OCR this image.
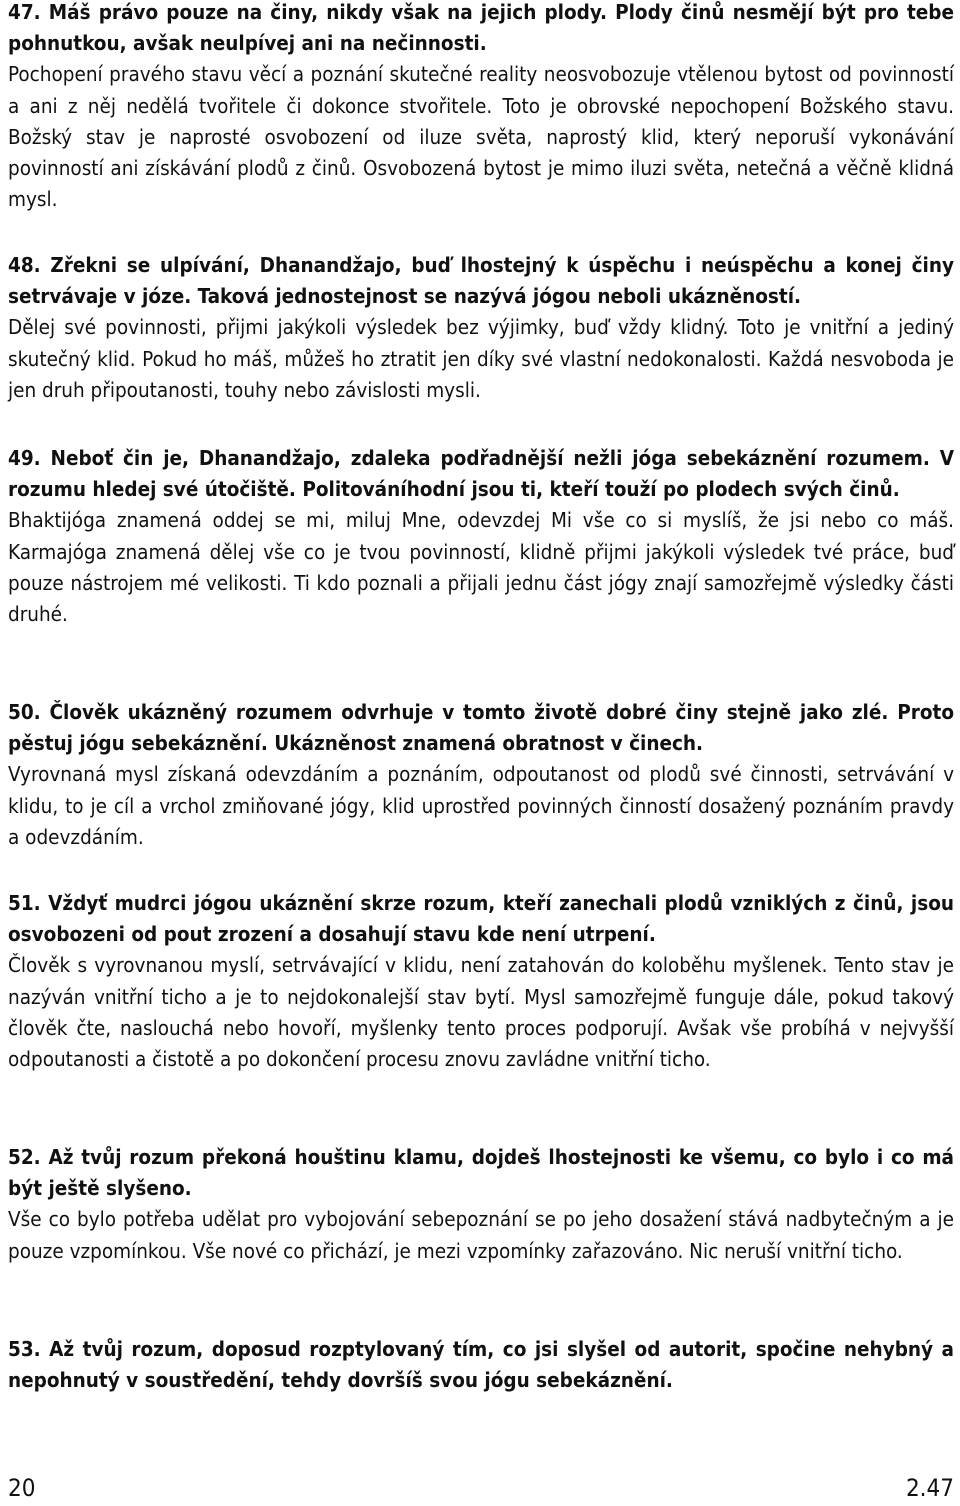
47. Máš právo pouze na činy, nikdy však na jejich plody. Plody činů nesmějí být pro tebe pohnutkou, avšak neulpívej ani na nečinnosti.

Pochopení pravého stavu věcí a poznání skutečné reality neosvobozuje vtělenou bytost od povinností a ani z něj nedělá tvořitele či dokonce stvořitele. Toto je obrovské nepochopení Božského stavu. Božský stav je naprosté osvobození od iluze světa, naprostý klid, který neporuší vykonávání povinností ani získávání plodů z činů. Osvobozená bytost je mimo iluzi světa, netečná a věčně klidná mysl.

48. Zřekni se ulpívání, Dhanandžajo, buď lhostejný k úspěchu i neúspěchu a konej činy setrvávaje v józe. Taková jednostejnost se nazývá jógou neboli ukázněností.

Dělej své povinnosti, přijmi jakýkoli výsledek bez výjimky, buď vždy klidný. Toto je vnitřní a jediný skutečný klid. Pokud ho máš, můžeš ho ztratit jen díky své vlastní nedokonalosti. Každá nesvoboda je jen druh připoutanosti, touhy nebo závislosti mysli.

49. Neboť čin je, Dhanandžajo, zdaleka podřadnější nežli jóga sebekáznění rozumem. V rozumu hledej své útočiště. Politováníhodní jsou ti, kteří touží po plodech svých činů.

Bhaktijóga znamená oddej se mi, miluj Mne, odevzdej Mi vše co si myslíš, že jsi nebo co máš. Karmajóga znamená dělej vše co je tvou povinností, klidně přijmi jakýkoli výsledek tvé práce, buď pouze nástrojem mé velikosti. Ti kdo poznali a přijali jednu část jógy znají samozřejmě výsledky části druhé.

50. Člověk ukázněný rozumem odvrhuje v tomto životě dobré činy stejně jako zlé. Proto pěstuj jógu sebekáznění. Ukázněnost znamená obratnost v činech.

Vyrovnaná mysl získaná odevzdáním a poznáním, odpoutanost od plodů své činnosti, setrvávání v klidu, to je cíl a vrchol zmiňované jógy, klid uprostřed povinných činností dosažený poznáním pravdy a odevzdáním.

51. Vždyť mudrci jógou ukáznění skrze rozum, kteří zanechali plodů vzniklých z činů, jsou osvobozeni od pout zrození a dosahují stavu kde není utrpení.

Člověk s vyrovnanou myslí, setrvávající v klidu, není zatahován do koloběhu myšlenek. Tento stav je nazýván vnitřní ticho a je to nejdokonalejší stav bytí. Mysl samozřejmě funguje dále, pokud takový člověk čte, naslouchá nebo hovoří, myšlenky tento proces podporují. Avšak vše probíhá v nejvyšší odpoutanosti a čistotě a po dokončení procesu znovu zavládne vnitřní ticho.

52. Až tvůj rozum překoná houštinu klamu, dojdeš lhostejnosti ke všemu, co bylo i co má být ještě slyšeno.

Vše co bylo potřeba udělat pro vybojování sebepoznání se po jeho dosažení stává nadbytečným a je pouze vzpomínkou. Vše nové co přichází, je mezi vzpomínky zařazováno. Nic neruší vnitřní ticho.

53. Až tvůj rozum, doposud rozptylovaný tím, co jsi slyšel od autorit, spočine nehybný a nepohnutý v soustředění, tehdy dovršíš svou jógu sebekáznění.

20	2.47
